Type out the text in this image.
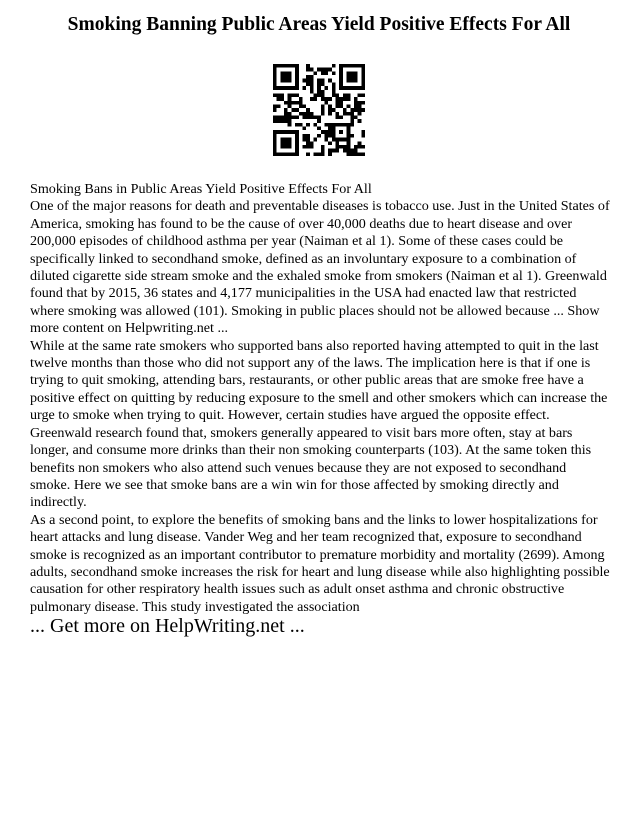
Smoking Banning Public Areas Yield Positive Effects For All

Smoking Bans in Public Areas Yield Positive Effects For All

One of the major reasons for death and preventable diseases is tobacco use. Just in the United States of America, smoking has found to be the cause of over 40,000 deaths due to heart disease and over 200,000 episodes of childhood asthma per year (Naiman et al 1). Some of these cases could be specifically linked to secondhand smoke, defined as an involuntary exposure to a combination of diluted cigarette side stream smoke and the exhaled smoke from smokers (Naiman et al 1). Greenwald found that by 2015, 36 states and 4,177 municipalities in the USA had enacted law that restricted where smoking was allowed (101). Smoking in public places should not be allowed because ... Show more content on Helpwriting.net ...

While at the same rate smokers who supported bans also reported having attempted to quit in the last twelve months than those who did not support any of the laws. The implication here is that if one is trying to quit smoking, attending bars, restaurants, or other public areas that are smoke free have a positive effect on quitting by reducing exposure to the smell and other smokers which can increase the urge to smoke when trying to quit. However, certain studies have argued the opposite effect. Greenwald research found that, smokers generally appeared to visit bars more often, stay at bars longer, and consume more drinks than their non smoking counterparts (103). At the same token this benefits non smokers who also attend such venues because they are not exposed to secondhand smoke. Here we see that smoke bans are a win win for those affected by smoking directly and indirectly.

As a second point, to explore the benefits of smoking bans and the links to lower hospitalizations for heart attacks and lung disease. Vander Weg and her team recognized that, exposure to secondhand smoke is recognized as an important contributor to premature morbidity and mortality (2699). Among adults, secondhand smoke increases the risk for heart and lung disease while also highlighting possible causation for other respiratory health issues such as adult onset asthma and chronic obstructive pulmonary disease. This study investigated the association

... Get more on HelpWriting.net ...
